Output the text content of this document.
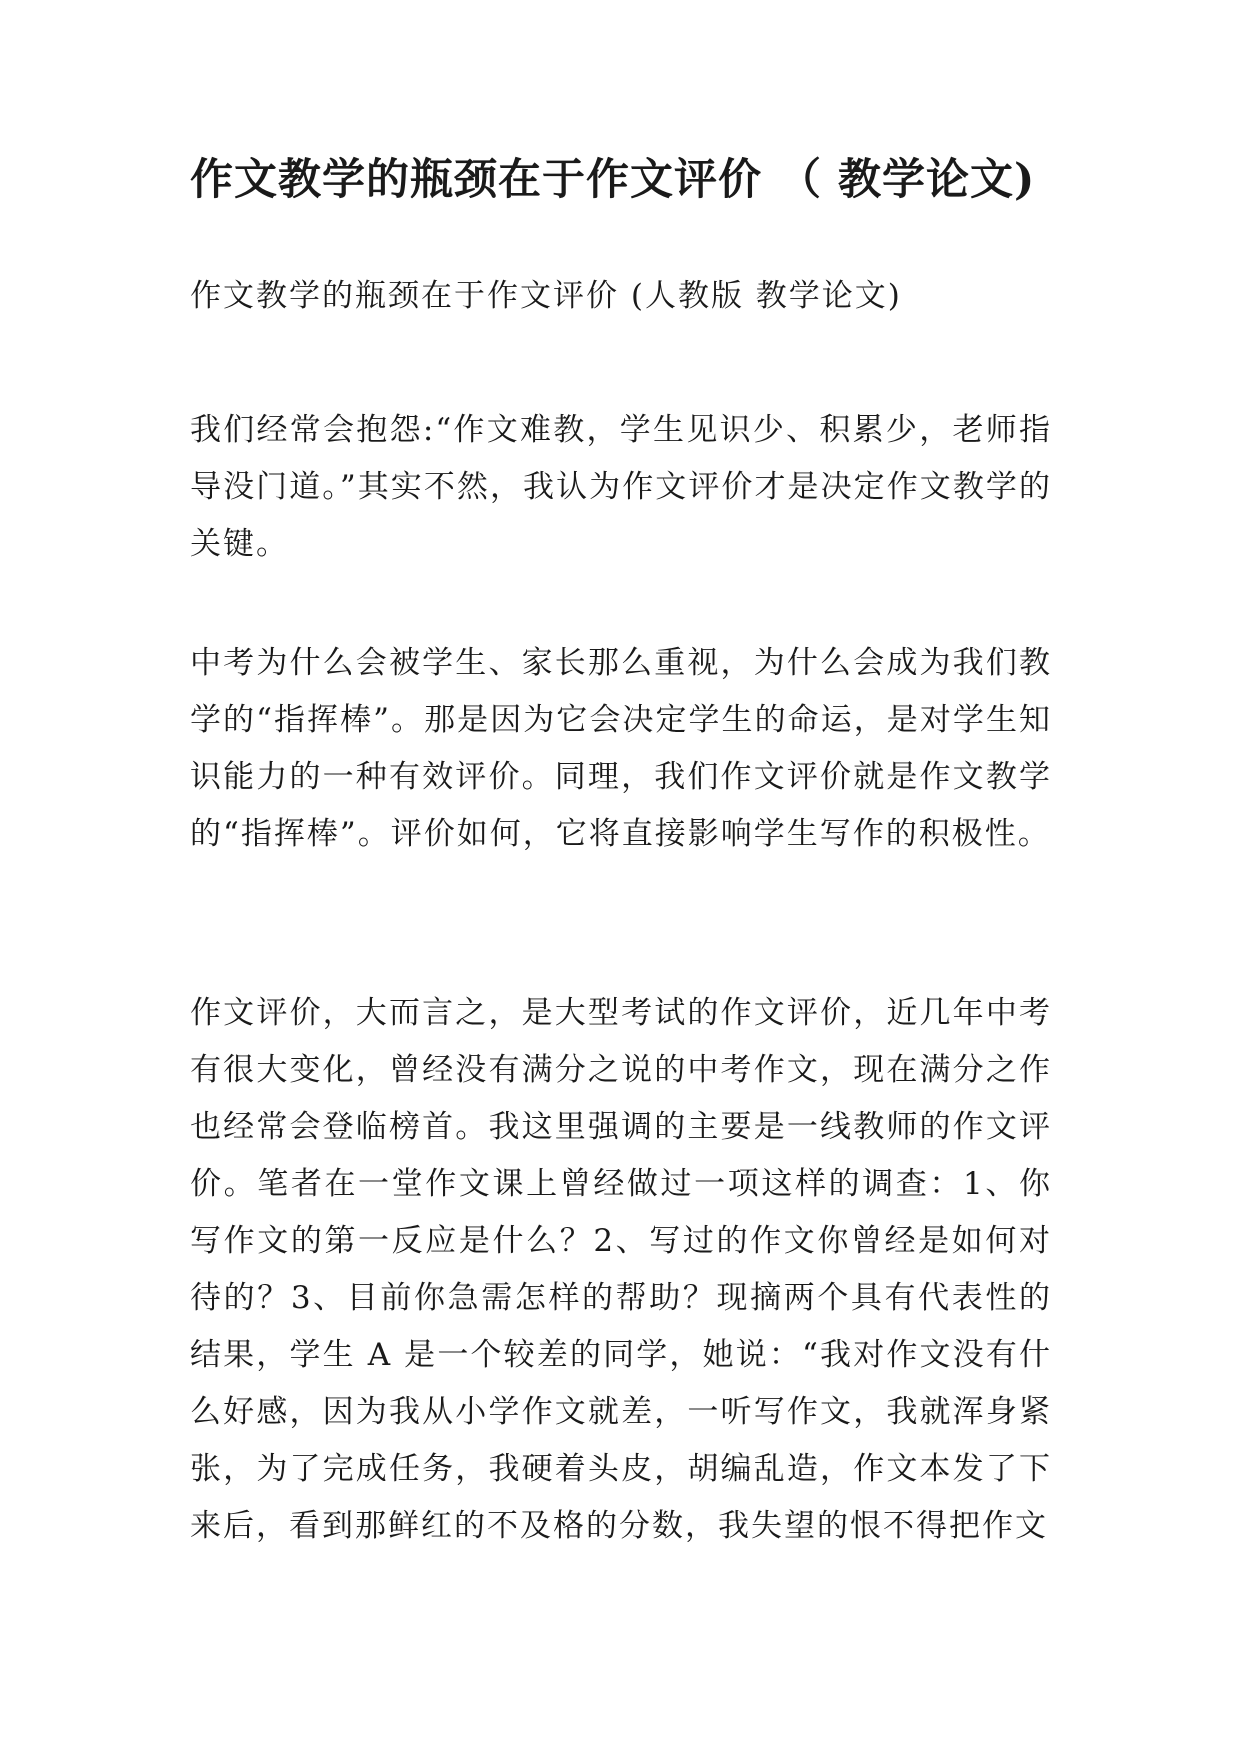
作文教学的瓶颈在于作文评价 （ 教学论文)

作文教学的瓶颈在于作文评价 (人教版 教学论文)

我们经常会抱怨:“作文难教，学生见识少、积累少，老师指导没门道。”其实不然，我认为作文评价才是决定作文教学的关键。

中考为什么会被学生、家长那么重视，为什么会成为我们教学的“指挥棒”。那是因为它会决定学生的命运，是对学生知识能力的一种有效评价。同理，我们作文评价就是作文教学的“指挥棒”。评价如何，它将直接影响学生写作的积极性。

作文评价，大而言之，是大型考试的作文评价，近几年中考有很大变化，曾经没有满分之说的中考作文，现在满分之作也经常会登临榜首。我这里强调的主要是一线教师的作文评价。笔者在一堂作文课上曾经做过一项这样的调查：1、你写作文的第一反应是什么？2、写过的作文你曾经是如何对待的？3、目前你急需怎样的帮助？现摘两个具有代表性的结果，学生 A 是一个较差的同学，她说：“我对作文没有什么好感，因为我从小学作文就差，一听写作文，我就浑身紧张，为了完成任务，我硬着头皮，胡编乱造，作文本发了下来后，看到那鲜红的不及格的分数，我失望的恨不得把作文
